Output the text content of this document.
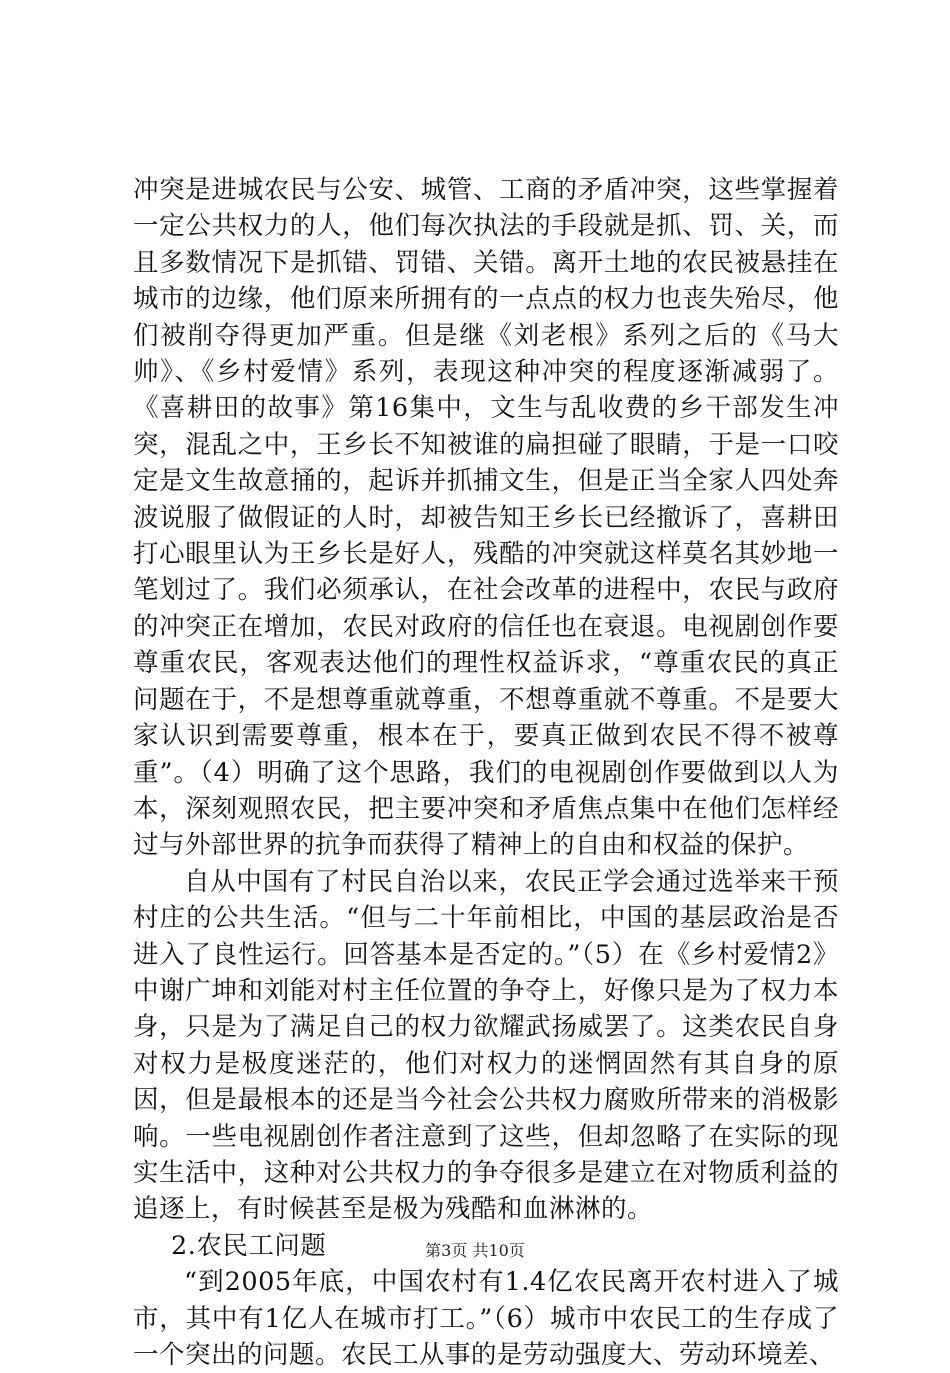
冲突是进城农民与公安、城管、工商的矛盾冲突，这些掌握着一定公共权力的人，他们每次执法的手段就是抓、罚、关，而且多数情况下是抓错、罚错、关错。离开土地的农民被悬挂在城市的边缘，他们原来所拥有的一点点的权力也丧失殆尽，他们被削夺得更加严重。但是继《刘老根》系列之后的《马大帅》、《乡村爱情》系列，表现这种冲突的程度逐渐减弱了。《喜耕田的故事》第16集中，文生与乱收费的乡干部发生冲突，混乱之中，王乡长不知被谁的扁担碰了眼睛，于是一口咬定是文生故意捅的，起诉并抓捕文生，但是正当全家人四处奔波说服了做假证的人时，却被告知王乡长已经撤诉了，喜耕田打心眼里认为王乡长是好人，残酷的冲突就这样莫名其妙地一笔划过了。我们必须承认，在社会改革的进程中，农民与政府的冲突正在增加，农民对政府的信任也在衰退。电视剧创作要尊重农民，客观表达他们的理性权益诉求，“尊重农民的真正问题在于，不是想尊重就尊重，不想尊重就不尊重。不是要大家认识到需要尊重，根本在于，要真正做到农民不得不被尊重”。（4）明确了这个思路，我们的电视剧创作要做到以人为本，深刻观照农民，把主要冲突和矛盾焦点集中在他们怎样经过与外部世界的抗争而获得了精神上的自由和权益的保护。

自从中国有了村民自治以来，农民正学会通过选举来干预村庄的公共生活。“但与二十年前相比，中国的基层政治是否进入了良性运行。回答基本是否定的。”（5）在《乡村爱情2》中谢广坤和刘能对村主任位置的争夺上，好像只是为了权力本身，只是为了满足自己的权力欲耀武扬威罢了。这类农民自身对权力是极度迷茫的，他们对权力的迷惘固然有其自身的原因，但是最根本的还是当今社会公共权力腐败所带来的消极影响。一些电视剧创作者注意到了这些，但却忽略了在实际的现实生活中，这种对公共权力的争夺很多是建立在对物质利益的追逐上，有时候甚至是极为残酷和血淋淋的。

2.农民工问题

“到2005年底，中国农村有1.4亿农民离开农村进入了城市，其中有1亿人在城市打工。”（6）城市中农民工的生存成了一个突出的问题。农民工从事的是劳动强度大、劳动环境差、

第3页 共10页
